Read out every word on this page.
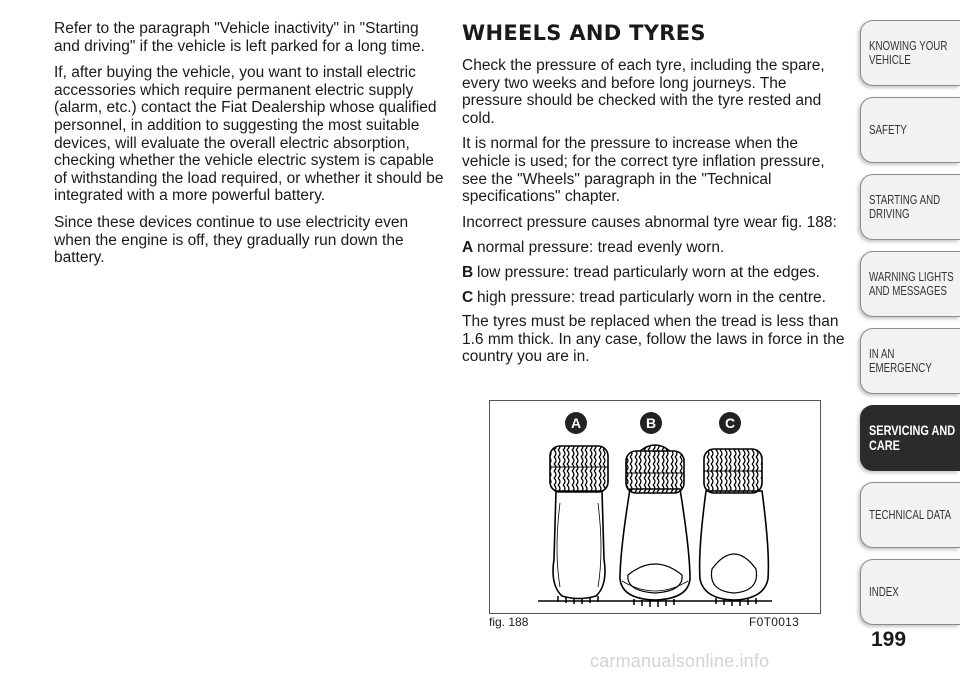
Refer to the paragraph "Vehicle inactivity" in "Starting and driving" if the vehicle is left parked for a long time.

If, after buying the vehicle, you want to install electric accessories which require permanent electric supply (alarm, etc.) contact the Fiat Dealership whose qualified personnel, in addition to suggesting the most suitable devices, will evaluate the overall electric absorption, checking whether the vehicle electric system is capable of withstanding the load required, or whether it should be integrated with a more powerful battery.

Since these devices continue to use electricity even when the engine is off, they gradually run down the battery.

WHEELS AND TYRES

Check the pressure of each tyre, including the spare, every two weeks and before long journeys. The pressure should be checked with the tyre rested and cold.

It is normal for the pressure to increase when the vehicle is used; for the correct tyre inflation pressure, see the "Wheels" paragraph in the "Technical specifications" chapter.

Incorrect pressure causes abnormal tyre wear fig. 188:

A normal pressure: tread evenly worn.
B low pressure: tread particularly worn at the edges.
C high pressure: tread particularly worn in the centre.

The tyres must be replaced when the tread is less than 1.6 mm thick. In any case, follow the laws in force in the country you are in.

A	B	C
fig. 188	F0T0013
KNOWING YOUR VEHICLE
SAFETY
STARTING AND DRIVING
WARNING LIGHTS AND MESSAGES
IN AN EMERGENCY
SERVICING AND CARE
TECHNICAL DATA
INDEX
199
carmanualsonline.info
